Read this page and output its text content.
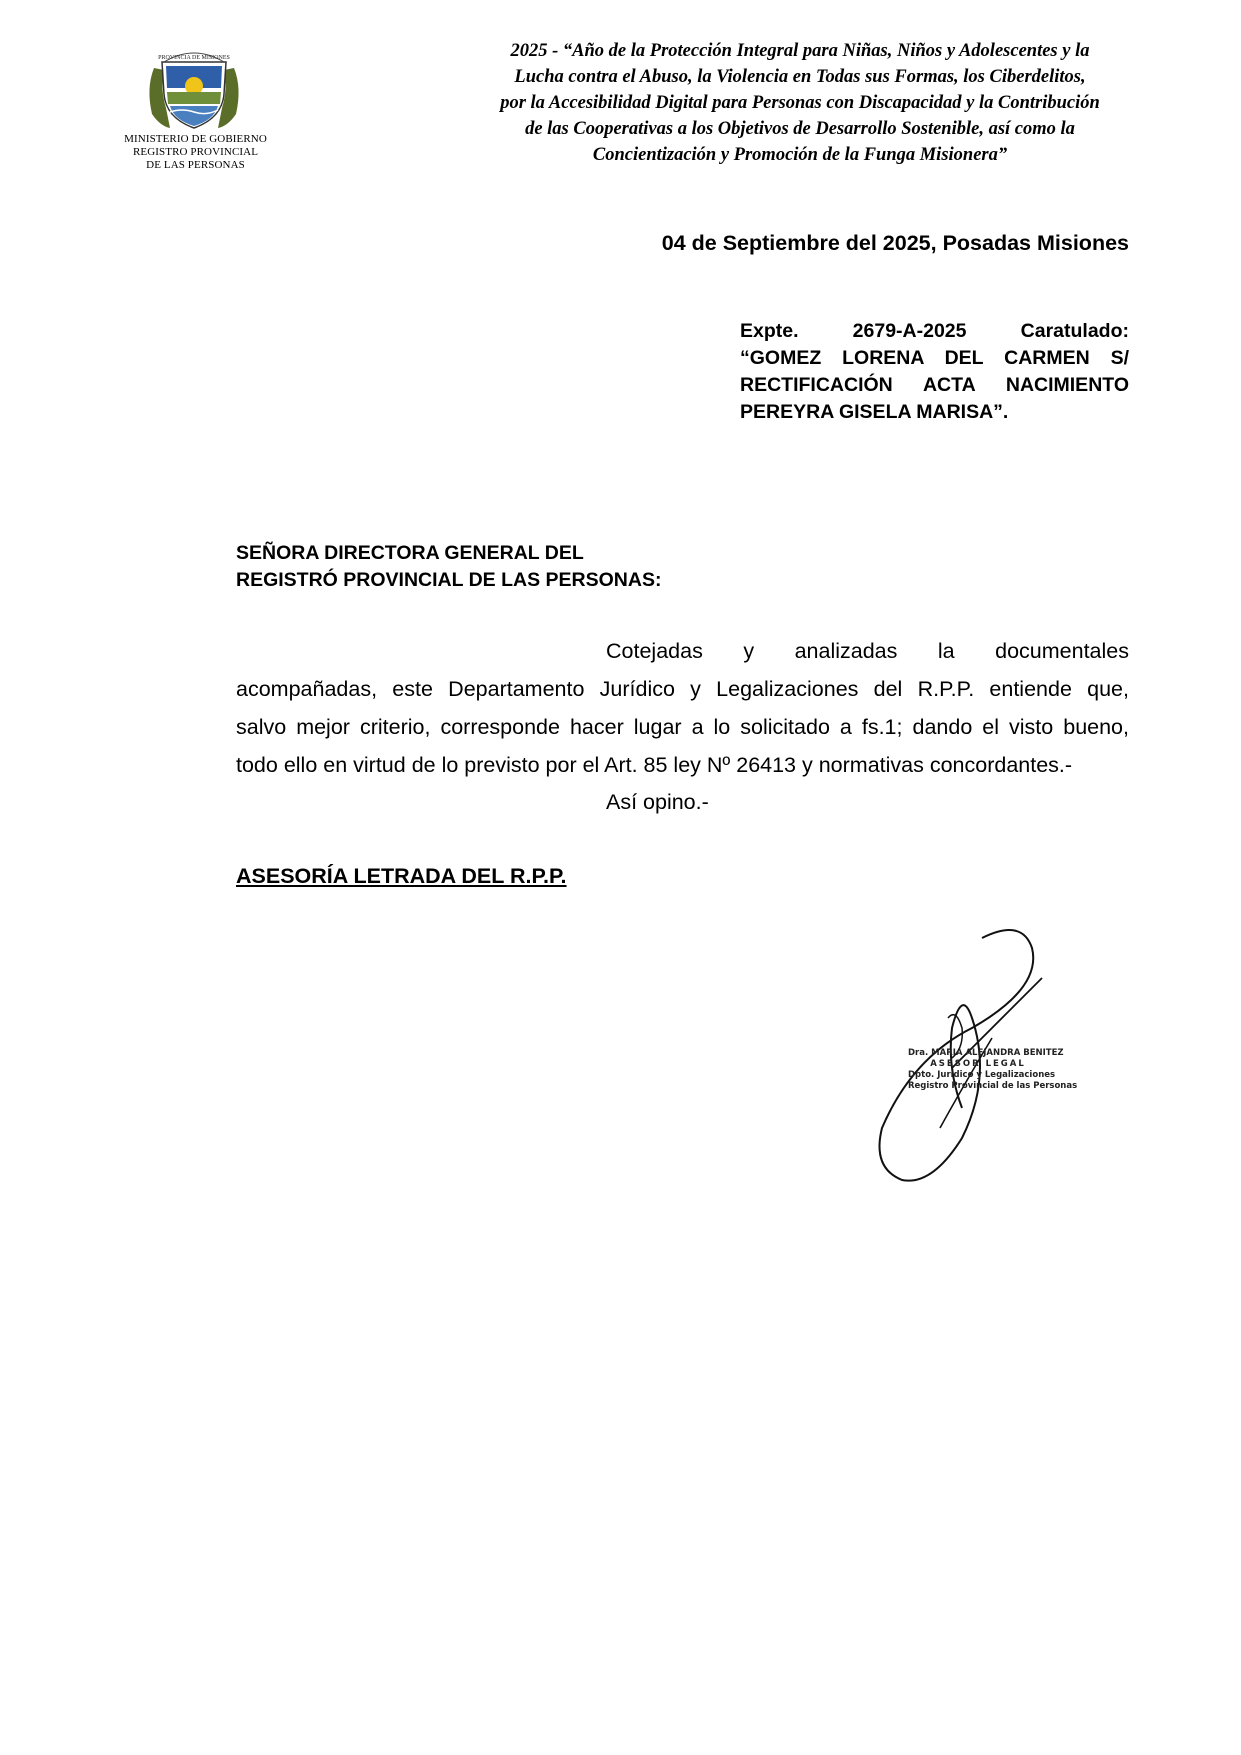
PROVINCIA DE MISIONES
MINISTERIO DE GOBIERNO
REGISTRO PROVINCIAL
DE LAS PERSONAS
2025 - “Año de la Protección Integral para Niñas, Niños y Adolescentes y la
Lucha contra el Abuso, la Violencia en Todas sus Formas, los Ciberdelitos,
por la Accesibilidad Digital para Personas con Discapacidad y la Contribución
de las Cooperativas a los Objetivos de Desarrollo Sostenible, así como la
Concientización y Promoción de la Funga Misionera”
04 de Septiembre del 2025, Posadas Misiones
Expte. 2679-A-2025 Caratulado:
“GOMEZ LORENA DEL CARMEN S/
RECTIFICACIÓN ACTA NACIMIENTO
PEREYRA GISELA MARISA”.
SEÑORA DIRECTORA GENERAL DEL
REGISTRÓ PROVINCIAL DE LAS PERSONAS:
Cotejadas y analizadas la documentales
acompañadas, este Departamento Jurídico y Legalizaciones del R.P.P. entiende que,
salvo mejor criterio, corresponde hacer lugar a lo solicitado a fs.1; dando el visto bueno,
todo ello en virtud de lo previsto por el Art. 85 ley Nº 26413 y normativas concordantes.-
Así opino.-
ASESORÍA LETRADA DEL R.P.P.
Dra. MARIA ALEJANDRA BENITEZ
ASESOR LEGAL
Dpto. Jurídico y Legalizaciones
Registro Provincial de las Personas
